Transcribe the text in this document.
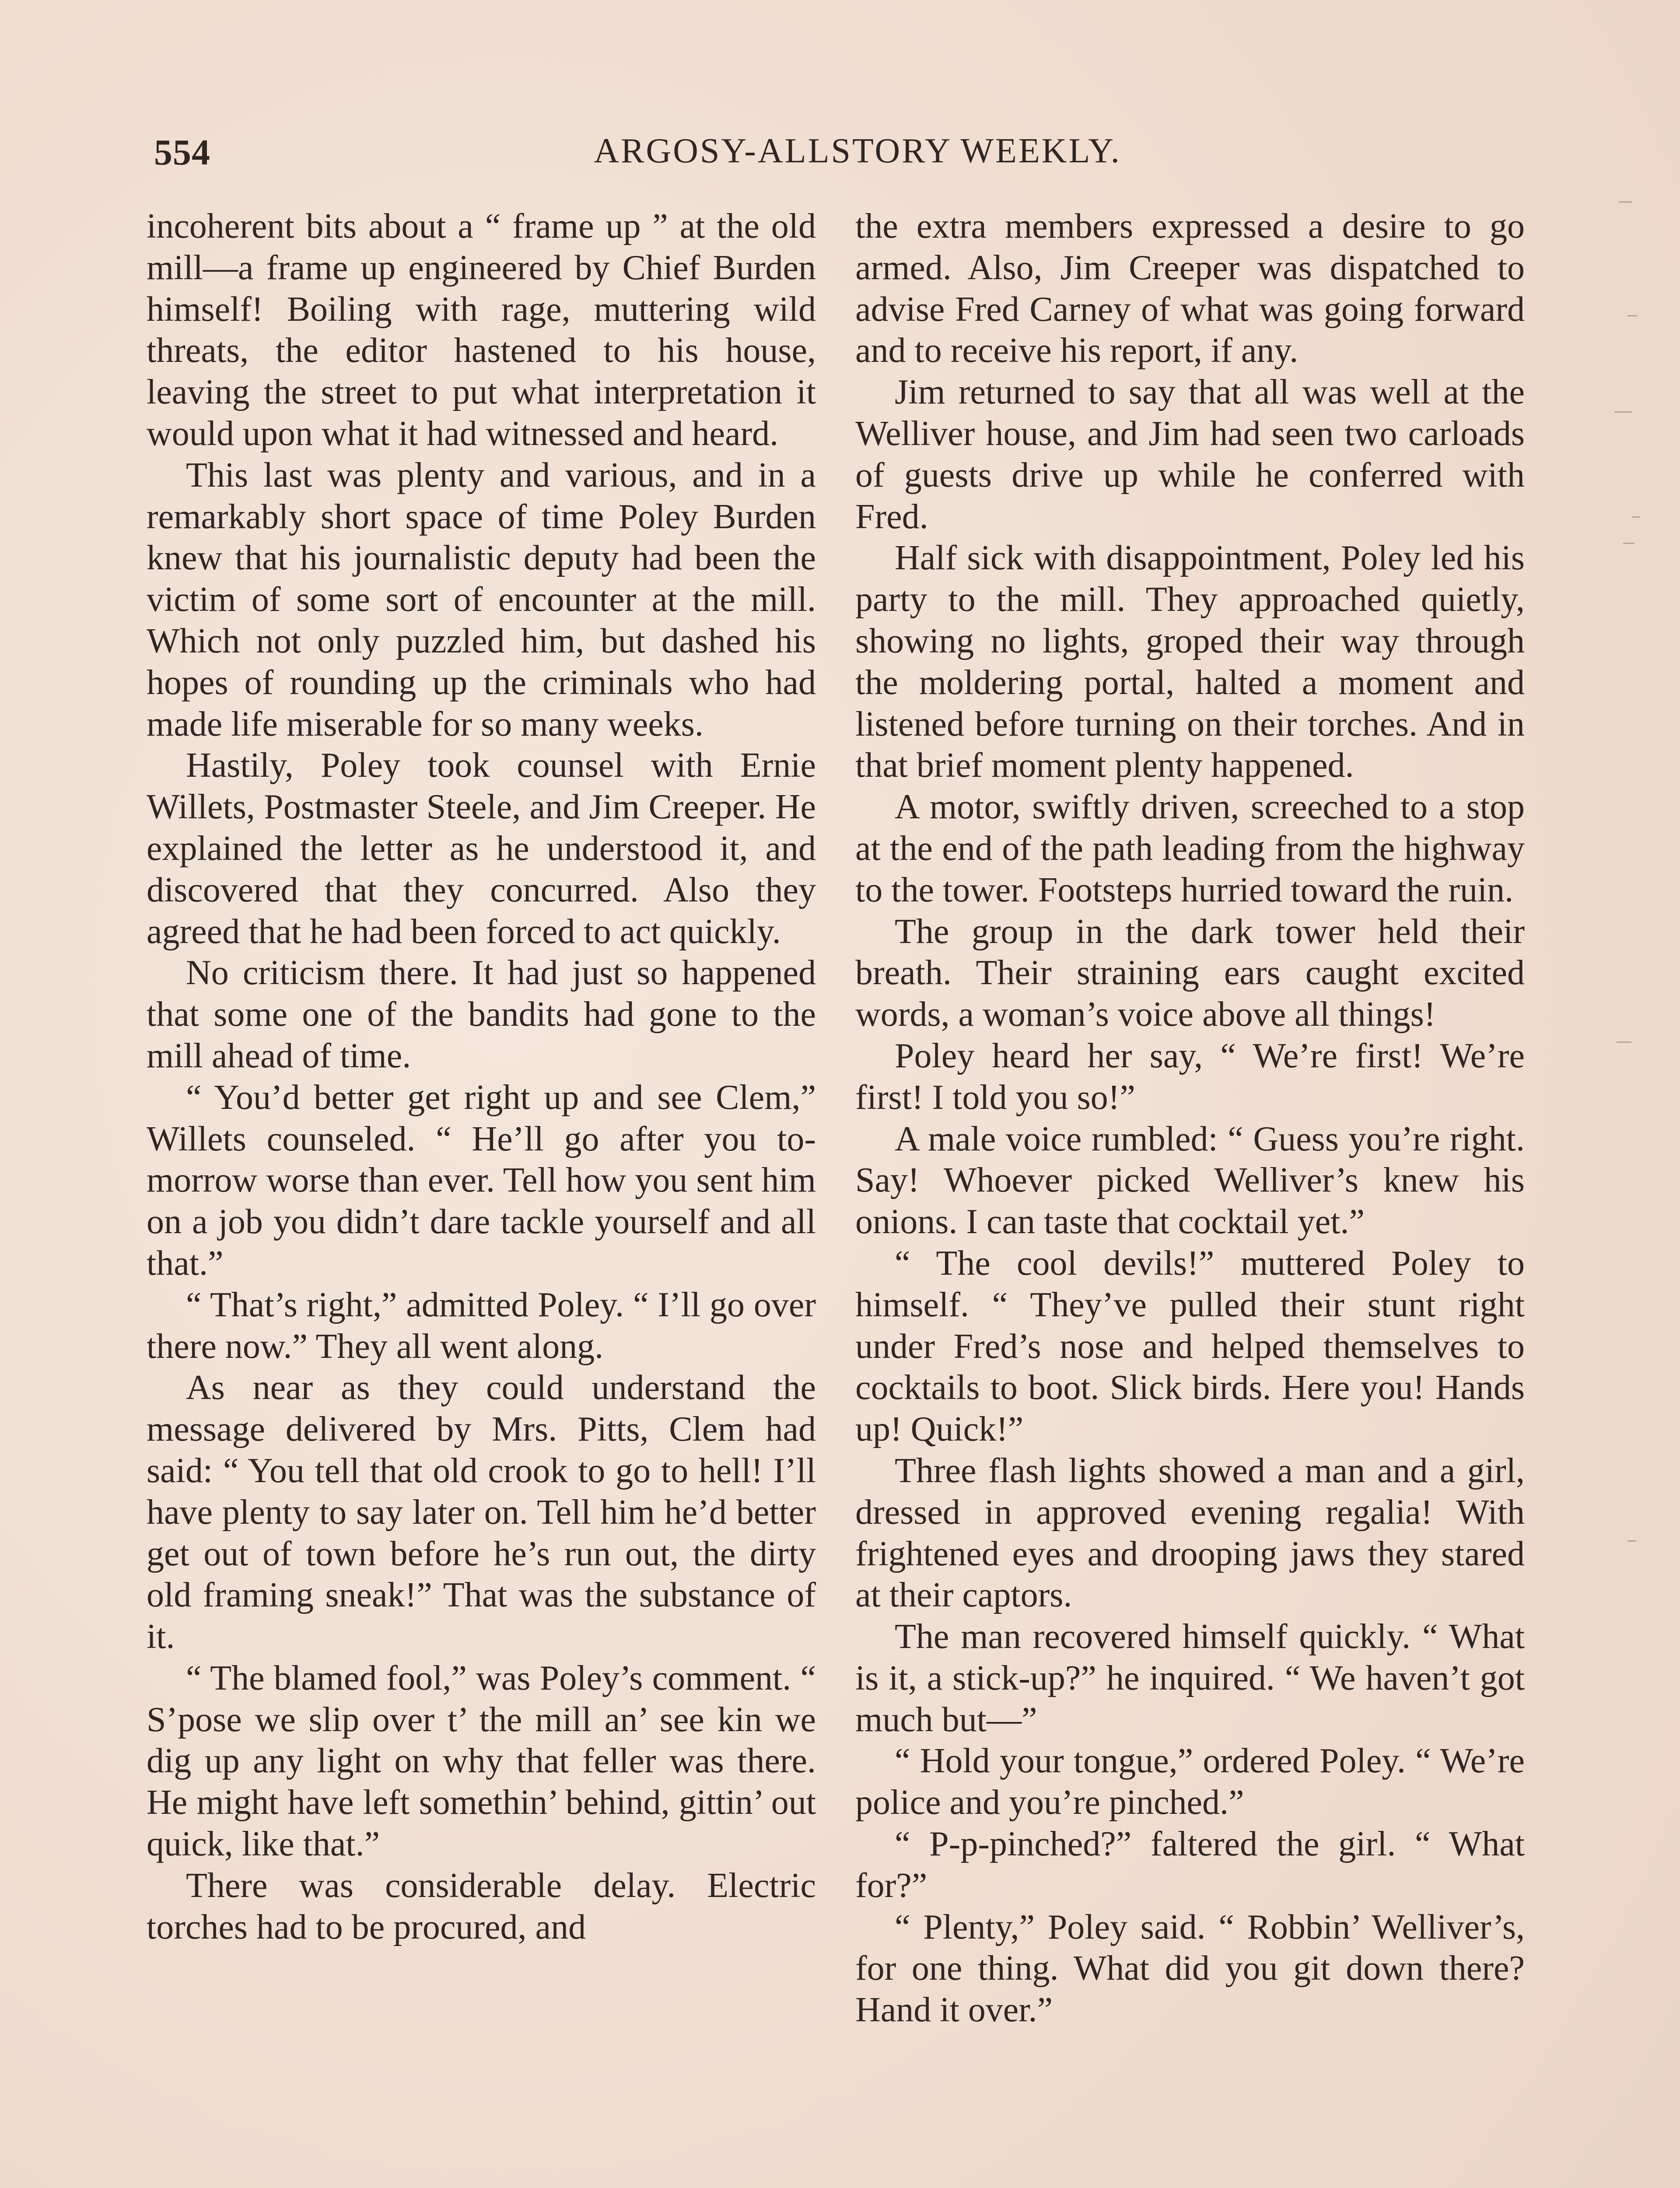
554	ARGOSY-ALLSTORY WEEKLY.

incoherent bits about a “ frame up ” at the old mill—a frame up engineered by Chief Burden himself! Boiling with rage, muttering wild threats, the editor hastened to his house, leaving the street to put what interpretation it would upon what it had witnessed and heard.

This last was plenty and various, and in a remarkably short space of time Poley Burden knew that his journalistic deputy had been the victim of some sort of encounter at the mill. Which not only puzzled him, but dashed his hopes of rounding up the criminals who had made life miserable for so many weeks.

Hastily, Poley took counsel with Ernie Willets, Postmaster Steele, and Jim Creeper. He explained the letter as he understood it, and discovered that they concurred. Also they agreed that he had been forced to act quickly.

No criticism there. It had just so happened that some one of the bandits had gone to the mill ahead of time.

“ You’d better get right up and see Clem,” Willets counseled. “ He’ll go after you to-morrow worse than ever. Tell how you sent him on a job you didn’t dare tackle yourself and all that.”

“ That’s right,” admitted Poley. “ I’ll go over there now.” They all went along.

As near as they could understand the message delivered by Mrs. Pitts, Clem had said: “ You tell that old crook to go to hell! I’ll have plenty to say later on. Tell him he’d better get out of town before he’s run out, the dirty old framing sneak!” That was the substance of it.

“ The blamed fool,” was Poley’s comment. “ S’pose we slip over t’ the mill an’ see kin we dig up any light on why that feller was there. He might have left somethin’ behind, gittin’ out quick, like that.”

There was considerable delay. Electric torches had to be procured, and

the extra members expressed a desire to go armed. Also, Jim Creeper was dispatched to advise Fred Carney of what was going forward and to receive his report, if any.

Jim returned to say that all was well at the Welliver house, and Jim had seen two carloads of guests drive up while he conferred with Fred.

Half sick with disappointment, Poley led his party to the mill. They approached quietly, showing no lights, groped their way through the moldering portal, halted a moment and listened before turning on their torches. And in that brief moment plenty happened.

A motor, swiftly driven, screeched to a stop at the end of the path leading from the highway to the tower. Footsteps hurried toward the ruin.

The group in the dark tower held their breath. Their straining ears caught excited words, a woman’s voice above all things!

Poley heard her say, “ We’re first! We’re first! I told you so!”

A male voice rumbled: “ Guess you’re right. Say! Whoever picked Welliver’s knew his onions. I can taste that cocktail yet.”

“ The cool devils!” muttered Poley to himself. “ They’ve pulled their stunt right under Fred’s nose and helped themselves to cocktails to boot. Slick birds. Here you! Hands up! Quick!”

Three flash lights showed a man and a girl, dressed in approved evening regalia! With frightened eyes and drooping jaws they stared at their captors.

The man recovered himself quickly. “ What is it, a stick-up?” he inquired. “ We haven’t got much but—”

“ Hold your tongue,” ordered Poley. “ We’re police and you’re pinched.”

“ P-p-pinched?” faltered the girl. “ What for?”

“ Plenty,” Poley said. “ Robbin’ Welliver’s, for one thing. What did you git down there? Hand it over.”
